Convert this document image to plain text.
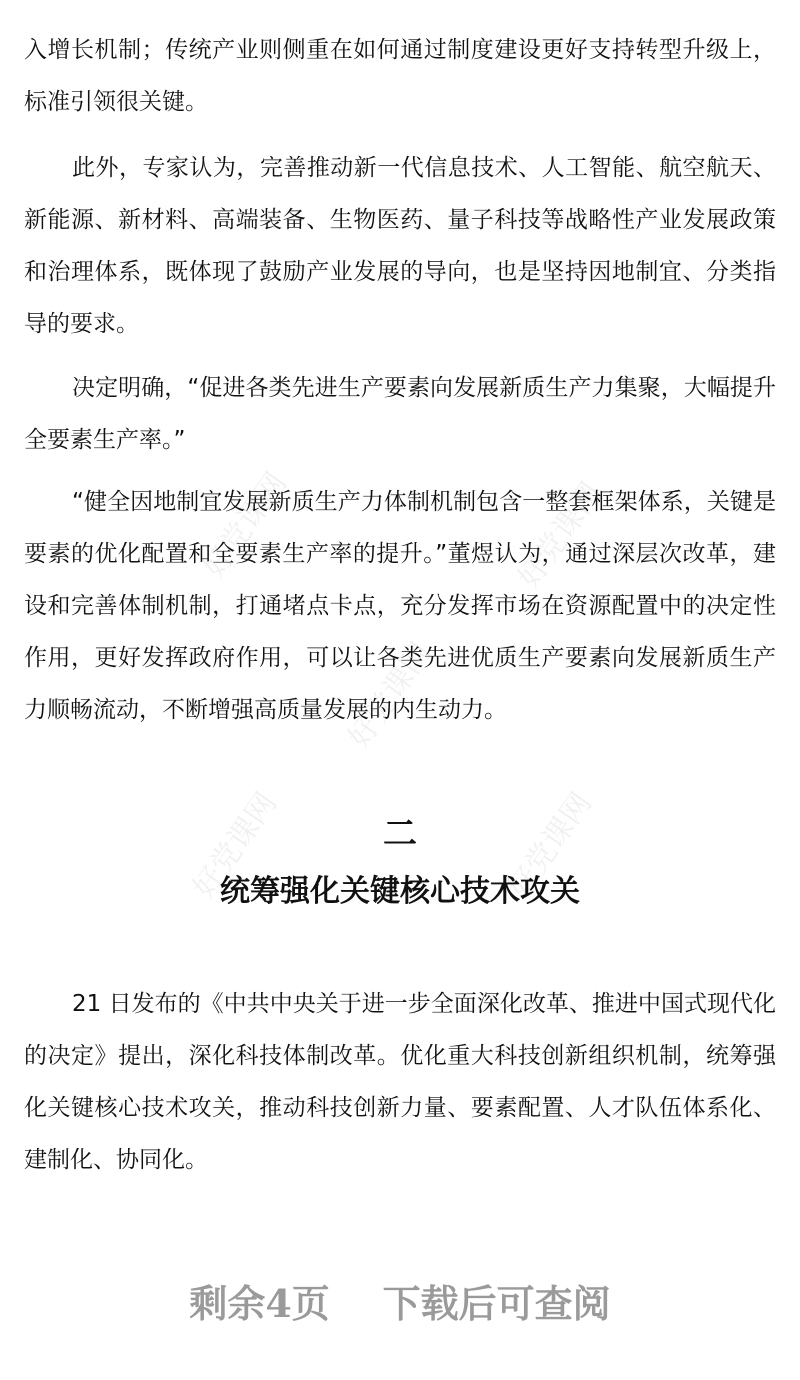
入增长机制；传统产业则侧重在如何通过制度建设更好支持转型升级上，标准引领很关键。

此外，专家认为，完善推动新一代信息技术、人工智能、航空航天、新能源、新材料、高端装备、生物医药、量子科技等战略性产业发展政策和治理体系，既体现了鼓励产业发展的导向，也是坚持因地制宜、分类指导的要求。

决定明确，“促进各类先进生产要素向发展新质生产力集聚，大幅提升全要素生产率。”

“健全因地制宜发展新质生产力体制机制包含一整套框架体系，关键是要素的优化配置和全要素生产率的提升。”董煜认为，通过深层次改革，建设和完善体制机制，打通堵点卡点，充分发挥市场在资源配置中的决定性作用，更好发挥政府作用，可以让各类先进优质生产要素向发展新质生产力顺畅流动，不断增强高质量发展的内生动力。

二
统筹强化关键核心技术攻关

21 日发布的《中共中央关于进一步全面深化改革、推进中国式现代化的决定》提出，深化科技体制改革。优化重大科技创新组织机制，统筹强化关键核心技术攻关，推动科技创新力量、要素配置、人才队伍体系化、建制化、协同化。

剩余4页    下载后可查阅
好党课网	好党课网
好党课网
好党课网	好党课网
